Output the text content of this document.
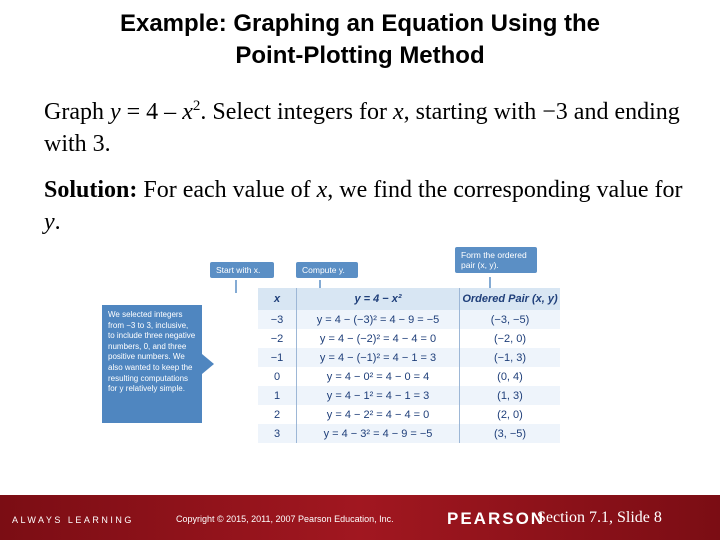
Example: Graphing an Equation Using the
Point-Plotting Method

Graph $y = 4 - x^2$. Select integers for x, starting with −3 and ending with 3.

Solution: For each value of x, we find the corresponding value for y.

Start with x.	Compute y.
Form the ordered pair (x, y).
We selected integers from −3 to 3, inclusive, to include three negative numbers, 0, and three positive numbers. We also wanted to keep the resulting computations for y relatively simple.
x	y = 4 − x²	Ordered Pair (x, y)
−3	y = 4 − (−3)² = 4 − 9 = −5	(−3, −5)
−2	y = 4 − (−2)² = 4 − 4 = 0	(−2, 0)
−1	y = 4 − (−1)² = 4 − 1 = 3	(−1, 3)
0	y = 4 − 0² = 4 − 0 = 4	(0, 4)
1	y = 4 − 1² = 4 − 1 = 3	(1, 3)
2	y = 4 − 2² = 4 − 4 = 0	(2, 0)
3	y = 4 − 3² = 4 − 9 = −5	(3, −5)
ALWAYS LEARNING	Copyright © 2015, 2011, 2007 Pearson Education, Inc.	PEARSON
Section 7.1, Slide 8
